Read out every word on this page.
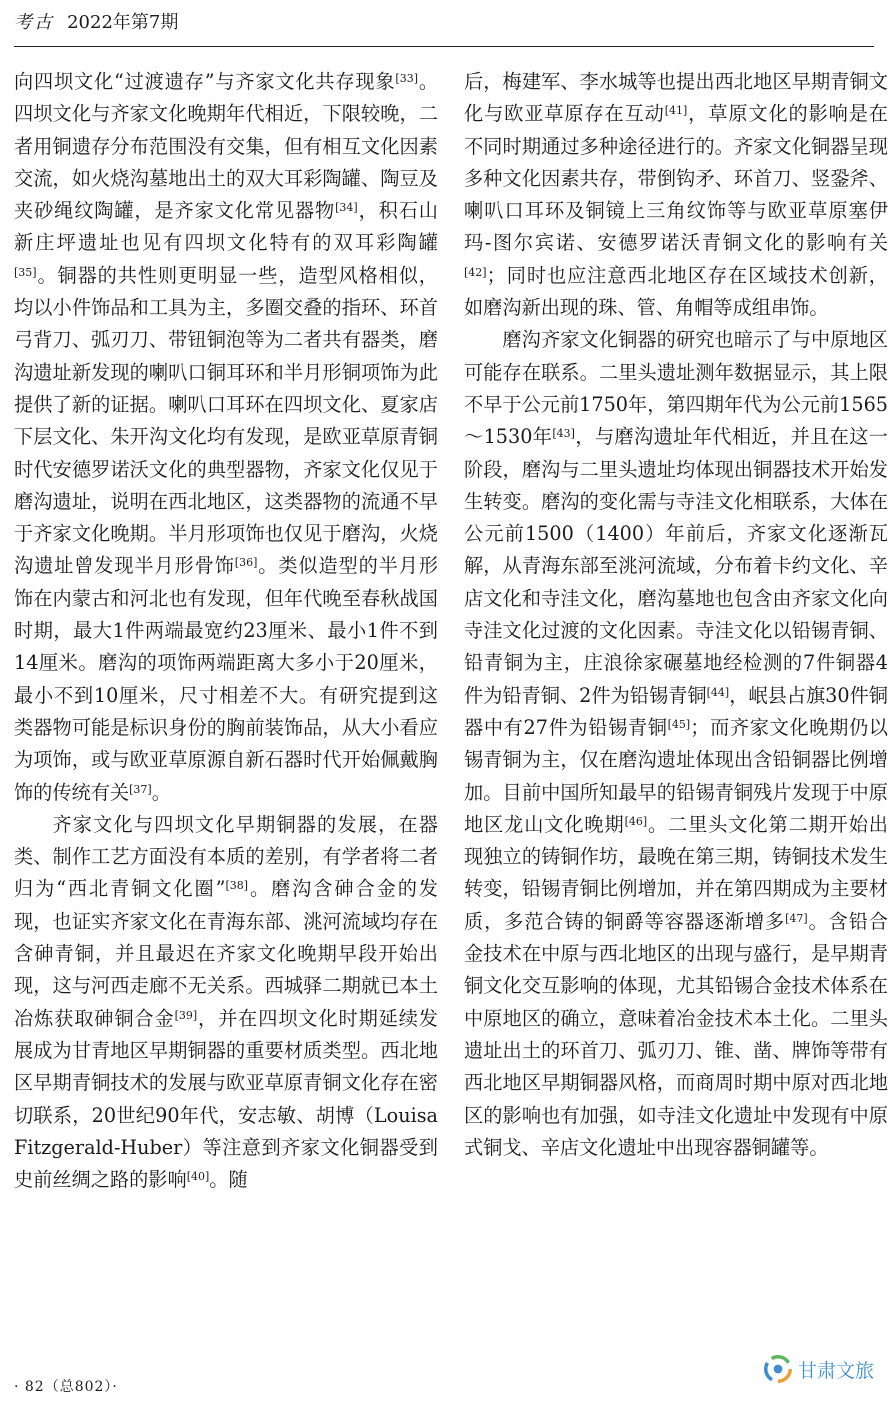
考古 2022年第7期

向四坝文化“过渡遗存”与齐家文化共存现象[33]。四坝文化与齐家文化晚期年代相近，下限较晚，二者用铜遗存分布范围没有交集，但有相互文化因素交流，如火烧沟墓地出土的双大耳彩陶罐、陶豆及夹砂绳纹陶罐，是齐家文化常见器物[34]，积石山新庄坪遗址也见有四坝文化特有的双耳彩陶罐[35]。铜器的共性则更明显一些，造型风格相似，均以小件饰品和工具为主，多圈交叠的指环、环首弓背刀、弧刃刀、带钮铜泡等为二者共有器类，磨沟遗址新发现的喇叭口铜耳环和半月形铜项饰为此提供了新的证据。喇叭口耳环在四坝文化、夏家店下层文化、朱开沟文化均有发现，是欧亚草原青铜时代安德罗诺沃文化的典型器物，齐家文化仅见于磨沟遗址，说明在西北地区，这类器物的流通不早于齐家文化晚期。半月形项饰也仅见于磨沟，火烧沟遗址曾发现半月形骨饰[36]。类似造型的半月形饰在内蒙古和河北也有发现，但年代晚至春秋战国时期，最大1件两端最宽约23厘米、最小1件不到14厘米。磨沟的项饰两端距离大多小于20厘米，最小不到10厘米，尺寸相差不大。有研究提到这类器物可能是标识身份的胸前装饰品，从大小看应为项饰，或与欧亚草原源自新石器时代开始佩戴胸饰的传统有关[37]。

齐家文化与四坝文化早期铜器的发展，在器类、制作工艺方面没有本质的差别，有学者将二者归为“西北青铜文化圈”[38]。磨沟含砷合金的发现，也证实齐家文化在青海东部、洮河流域均存在含砷青铜，并且最迟在齐家文化晚期早段开始出现，这与河西走廊不无关系。西城驿二期就已本土冶炼获取砷铜合金[39]，并在四坝文化时期延续发展成为甘青地区早期铜器的重要材质类型。西北地区早期青铜技术的发展与欧亚草原青铜文化存在密切联系，20世纪90年代，安志敏、胡博（Louisa Fitzgerald-Huber）等注意到齐家文化铜器受到史前丝绸之路的影响[40]。随

后，梅建军、李水城等也提出西北地区早期青铜文化与欧亚草原存在互动[41]，草原文化的影响是在不同时期通过多种途径进行的。齐家文化铜器呈现多种文化因素共存，带倒钩矛、环首刀、竖銎斧、喇叭口耳环及铜镜上三角纹饰等与欧亚草原塞伊玛-图尔宾诺、安德罗诺沃青铜文化的影响有关[42]；同时也应注意西北地区存在区域技术创新，如磨沟新出现的珠、管、角帽等成组串饰。

磨沟齐家文化铜器的研究也暗示了与中原地区可能存在联系。二里头遗址测年数据显示，其上限不早于公元前1750年，第四期年代为公元前1565～1530年[43]，与磨沟遗址年代相近，并且在这一阶段，磨沟与二里头遗址均体现出铜器技术开始发生转变。磨沟的变化需与寺洼文化相联系，大体在公元前1500（1400）年前后，齐家文化逐渐瓦解，从青海东部至洮河流域，分布着卡约文化、辛店文化和寺洼文化，磨沟墓地也包含由齐家文化向寺洼文化过渡的文化因素。寺洼文化以铅锡青铜、铅青铜为主，庄浪徐家碾墓地经检测的7件铜器4件为铅青铜、2件为铅锡青铜[44]，岷县占旗30件铜器中有27件为铅锡青铜[45]；而齐家文化晚期仍以锡青铜为主，仅在磨沟遗址体现出含铅铜器比例增加。目前中国所知最早的铅锡青铜残片发现于中原地区龙山文化晚期[46]。二里头文化第二期开始出现独立的铸铜作坊，最晚在第三期，铸铜技术发生转变，铅锡青铜比例增加，并在第四期成为主要材质，多范合铸的铜爵等容器逐渐增多[47]。含铅合金技术在中原与西北地区的出现与盛行，是早期青铜文化交互影响的体现，尤其铅锡合金技术体系在中原地区的确立，意味着冶金技术本土化。二里头遗址出土的环首刀、弧刃刀、锥、凿、牌饰等带有西北地区早期铜器风格，而商周时期中原对西北地区的影响也有加强，如寺洼文化遗址中发现有中原式铜戈、辛店文化遗址中出现容器铜罐等。

· 82（总802）·
甘肃文旅
